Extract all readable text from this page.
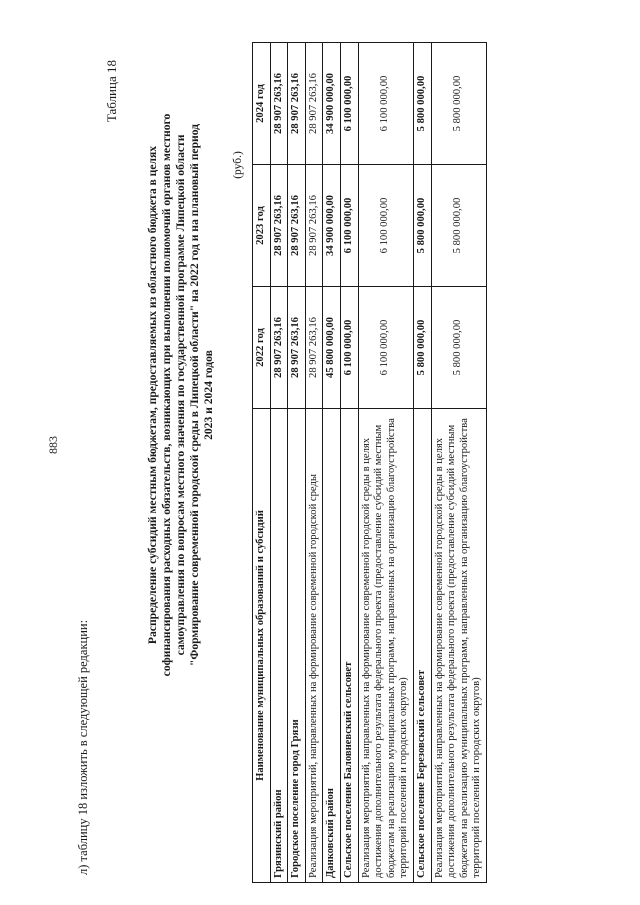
883
л) таблицу 18 изложить в следующей редакции:
Таблица 18
Распределение субсидий местным бюджетам, предоставляемых из областного бюджета в целях софинансирования расходных обязательств, возникающих при выполнении полномочий органов местного самоуправления по вопросам местного значения по государственной программе Липецкой области "Формирование современной городской среды в Липецкой области" на 2022 год и на плановый период 2023 и 2024 годов
(руб.)
Наименование муниципальных образований и субсидий	2022 год	2023 год	2024 год
Грязинский район	28 907 263,16	28 907 263,16	28 907 263,16
Городское поселение город Грязи	28 907 263,16	28 907 263,16	28 907 263,16
Реализация мероприятий, направленных на формирование современной городской среды	28 907 263,16	28 907 263,16	28 907 263,16
Данковский район	45 800 000,00	34 900 000,00	34 900 000,00
Сельское поселение Баловневский сельсовет	6 100 000,00	6 100 000,00	6 100 000,00
Реализация мероприятий, направленных на формирование современной городской среды в целях достижения дополнительного результата федерального проекта (предоставление субсидий местным бюджетам на реализацию муниципальных программ, направленных на организацию благоустройства территорий поселений и городских округов)	6 100 000,00	6 100 000,00	6 100 000,00
Сельское поселение Березовский сельсовет	5 800 000,00	5 800 000,00	5 800 000,00
Реализация мероприятий, направленных на формирование современной городской среды в целях достижения дополнительного результата федерального проекта (предоставление субсидий местным бюджетам на реализацию муниципальных программ, направленных на организацию благоустройства территорий поселений и городских округов)	5 800 000,00	5 800 000,00	5 800 000,00
